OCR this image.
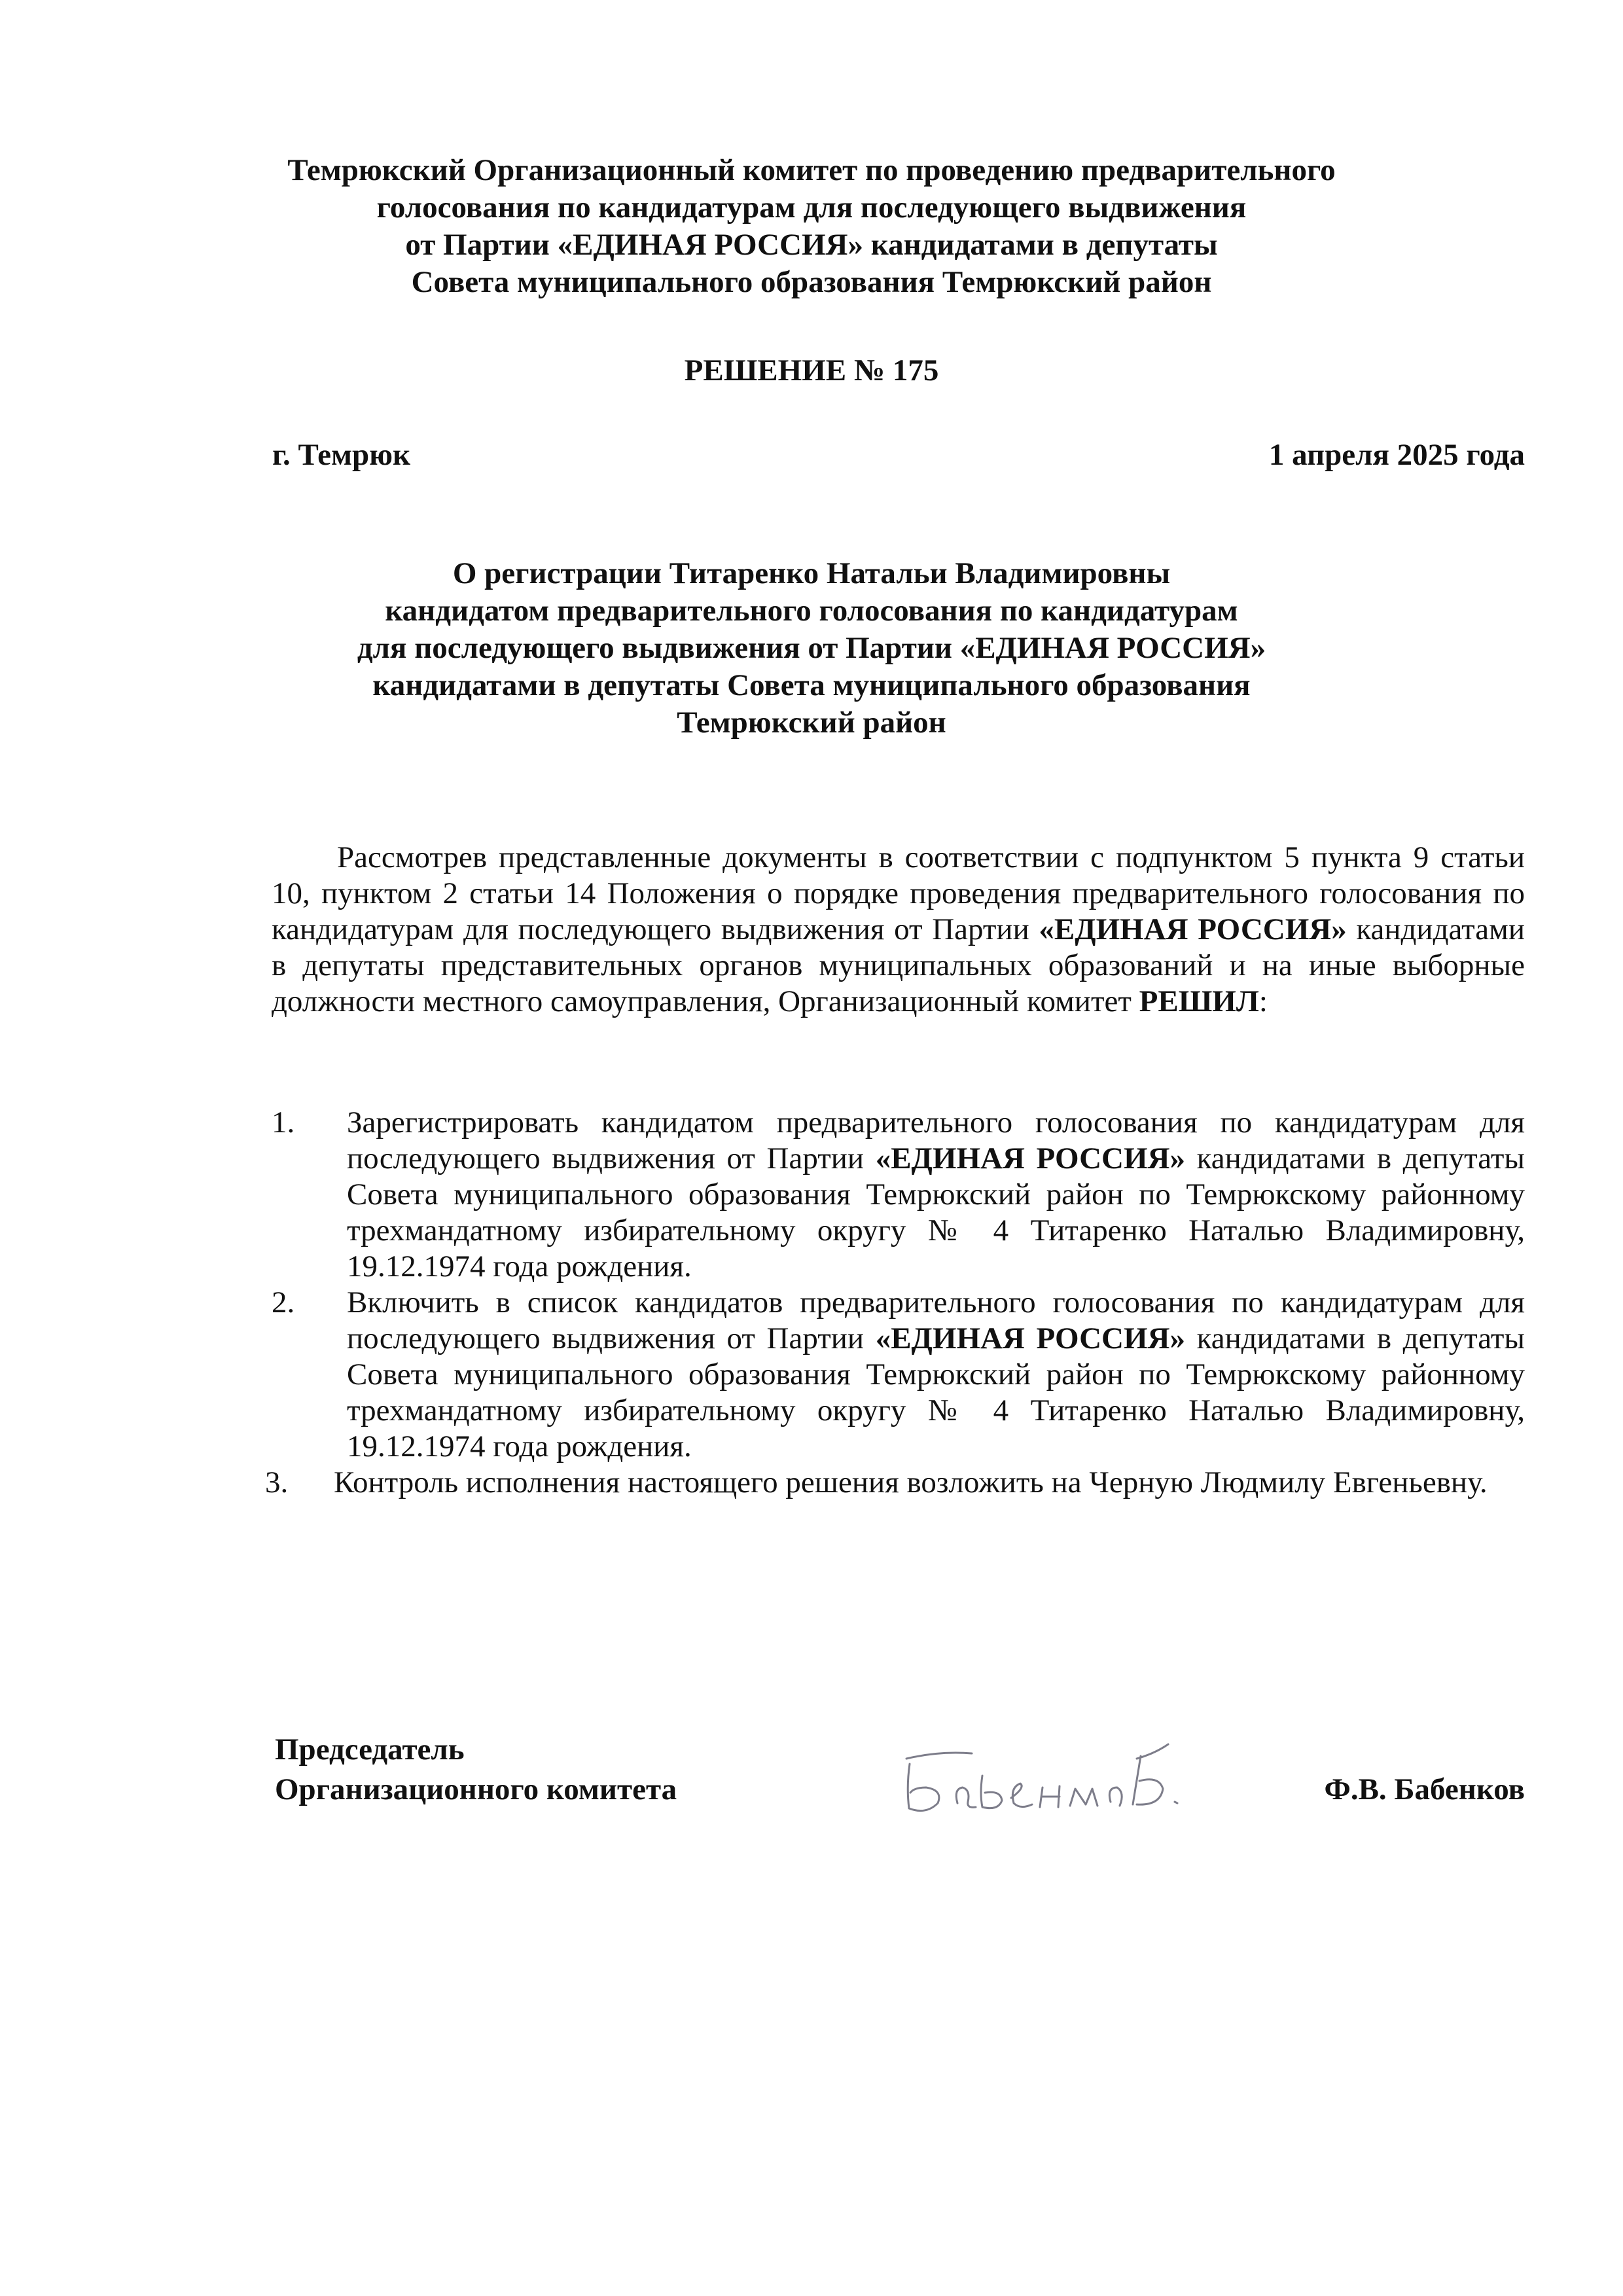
Темрюкский Организационный комитет по проведению предварительного
голосования по кандидатурам для последующего выдвижения
от Партии «ЕДИНАЯ РОССИЯ» кандидатами в депутаты
Совета муниципального образования Темрюкский район
РЕШЕНИЕ № 175
г. Темрюк	1 апреля 2025 года
О регистрации Титаренко Натальи Владимировны
кандидатом предварительного голосования по кандидатурам
для последующего выдвижения от Партии «ЕДИНАЯ РОССИЯ»
кандидатами в депутаты Совета муниципального образования
Темрюкский район

Рассмотрев представленные документы в соответствии с подпунктом 5 пункта 9 статьи 10, пунктом 2 статьи 14 Положения о порядке проведения предварительного голосования по кандидатурам для последующего выдвижения от Партии «ЕДИНАЯ РОССИЯ» кандидатами в депутаты представительных органов муниципальных образований и на иные выборные должности местного самоуправления, Организационный комитет РЕШИЛ:

1. Зарегистрировать кандидатом предварительного голосования по кандидатурам для последующего выдвижения от Партии «ЕДИНАЯ РОССИЯ» кандидатами в депутаты Совета муниципального образования Темрюкский район по Темрюкскому районному трехмандатному избирательному округу № 4 Титаренко Наталью Владимировну, 19.12.1974 года рождения.
2. Включить в список кандидатов предварительного голосования по кандидатурам для последующего выдвижения от Партии «ЕДИНАЯ РОССИЯ» кандидатами в депутаты Совета муниципального образования Темрюкский район по Темрюкскому районному трехмандатному избирательному округу № 4 Титаренко Наталью Владимировну, 19.12.1974 года рождения.
3. Контроль исполнения настоящего решения возложить на Черную Людмилу Евгеньевну.
Председатель
Организационного комитета	Ф.В. Бабенков
